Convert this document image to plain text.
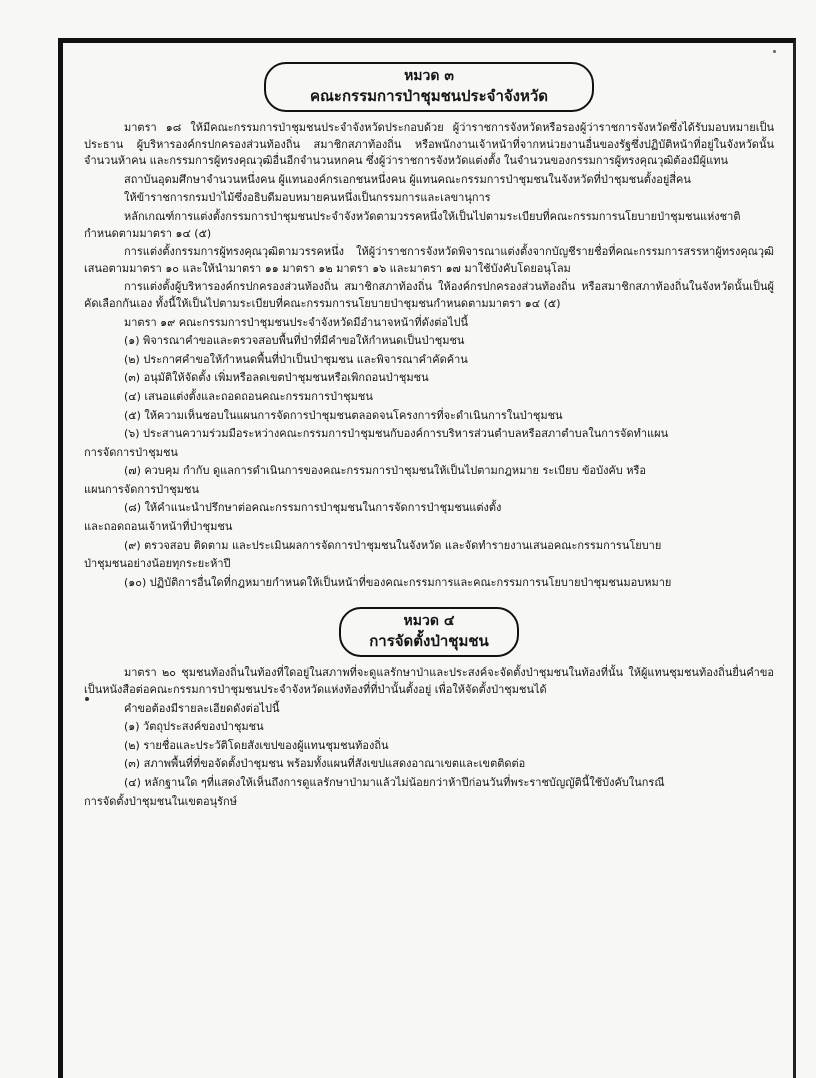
หมวด ๓
คณะกรรมการป่าชุมชนประจำจังหวัด

มาตรา ๑๘ ให้มีคณะกรรมการป่าชุมชนประจำจังหวัดประกอบด้วย ผู้ว่าราชการจังหวัดหรือรองผู้ว่าราชการจังหวัดซึ่งได้รับมอบหมายเป็นประธาน ผู้บริหารองค์กรปกครองส่วนท้องถิ่น สมาชิกสภาท้องถิ่น หรือพนักงานเจ้าหน้าที่จากหน่วยงานอื่นของรัฐซึ่งปฏิบัติหน้าที่อยู่ในจังหวัดนั้นจำนวนห้าคน และกรรมการผู้ทรงคุณวุฒิอื่นอีกจำนวนหกคน ซึ่งผู้ว่าราชการจังหวัดแต่งตั้ง ในจำนวนของกรรมการผู้ทรงคุณวุฒิต้องมีผู้แทน

สถาบันอุดมศึกษาจำนวนหนึ่งคน ผู้แทนองค์กรเอกชนหนึ่งคน ผู้แทนคณะกรรมการป่าชุมชนในจังหวัดที่ป่าชุมชนตั้งอยู่สี่คน

ให้ข้าราชการกรมป่าไม้ซึ่งอธิบดีมอบหมายคนหนึ่งเป็นกรรมการและเลขานุการ

หลักเกณฑ์การแต่งตั้งกรรมการป่าชุมชนประจำจังหวัดตามวรรคหนึ่งให้เป็นไปตามระเบียบที่คณะกรรมการนโยบายป่าชุมชนแห่งชาติกำหนดตามมาตรา ๑๔ (๕)

การแต่งตั้งกรรมการผู้ทรงคุณวุฒิตามวรรคหนึ่ง ให้ผู้ว่าราชการจังหวัดพิจารณาแต่งตั้งจากบัญชีรายชื่อที่คณะกรรมการสรรหาผู้ทรงคุณวุฒิเสนอตามมาตรา ๑๐ และให้นำมาตรา ๑๑ มาตรา ๑๒ มาตรา ๑๖ และมาตรา ๑๗ มาใช้บังคับโดยอนุโลม

การแต่งตั้งผู้บริหารองค์กรปกครองส่วนท้องถิ่น สมาชิกสภาท้องถิ่น ให้องค์กรปกครองส่วนท้องถิ่น หรือสมาชิกสภาท้องถิ่นในจังหวัดนั้นเป็นผู้คัดเลือกกันเอง ทั้งนี้ให้เป็นไปตามระเบียบที่คณะกรรมการนโยบายป่าชุมชนกำหนดตามมาตรา ๑๔ (๕)

มาตรา ๑๙ คณะกรรมการป่าชุมชนประจำจังหวัดมีอำนาจหน้าที่ดังต่อไปนี้

(๑) พิจารณาคำขอและตรวจสอบพื้นที่ป่าที่มีคำขอให้กำหนดเป็นป่าชุมชน

(๒) ประกาศคำขอให้กำหนดพื้นที่ป่าเป็นป่าชุมชน และพิจารณาคำคัดค้าน

(๓) อนุมัติให้จัดตั้ง เพิ่มหรือลดเขตป่าชุมชนหรือเพิกถอนป่าชุมชน

(๔) เสนอแต่งตั้งและถอดถอนคณะกรรมการป่าชุมชน

(๕) ให้ความเห็นชอบในแผนการจัดการป่าชุมชนตลอดจนโครงการที่จะดำเนินการในป่าชุมชน

(๖) ประสานความร่วมมือระหว่างคณะกรรมการป่าชุมชนกับองค์การบริหารส่วนตำบลหรือสภาตำบลในการจัดทำแผน

การจัดการป่าชุมชน

(๗) ควบคุม กำกับ ดูแลการดำเนินการของคณะกรรมการป่าชุมชนให้เป็นไปตามกฎหมาย ระเบียบ ข้อบังคับ หรือ

แผนการจัดการป่าชุมชน

(๘) ให้คำแนะนำปรึกษาต่อคณะกรรมการป่าชุมชนในการจัดการป่าชุมชนแต่งตั้ง

และถอดถอนเจ้าหน้าที่ป่าชุมชน

(๙) ตรวจสอบ ติดตาม และประเมินผลการจัดการป่าชุมชนในจังหวัด และจัดทำรายงานเสนอคณะกรรมการนโยบาย

ป่าชุมชนอย่างน้อยทุกระยะห้าปี

(๑๐) ปฏิบัติการอื่นใดที่กฎหมายกำหนดให้เป็นหน้าที่ของคณะกรรมการและคณะกรรมการนโยบายป่าชุมชนมอบหมาย

หมวด ๔
การจัดตั้งป่าชุมชน

มาตรา ๒๐ ชุมชนท้องถิ่นในท้องที่ใดอยู่ในสภาพที่จะดูแลรักษาป่าและประสงค์จะจัดตั้งป่าชุมชนในท้องที่นั้น ให้ผู้แทนชุมชนท้องถิ่นยื่นคำขอเป็นหนังสือต่อคณะกรรมการป่าชุมชนประจำจังหวัดแห่งท้องที่ที่ป่านั้นตั้งอยู่ เพื่อให้จัดตั้งป่าชุมชนได้

คำขอต้องมีรายละเอียดดังต่อไปนี้

(๑) วัตถุประสงค์ของป่าชุมชน

(๒) รายชื่อและประวัติโดยสังเขปของผู้แทนชุมชนท้องถิ่น

(๓) สภาพพื้นที่ที่ขอจัดตั้งป่าชุมชน พร้อมทั้งแผนที่สังเขปแสดงอาณาเขตและเขตติดต่อ

(๔) หลักฐานใด ๆที่แสดงให้เห็นถึงการดูแลรักษาป่ามาแล้วไม่น้อยกว่าห้าปีก่อนวันที่พระราชบัญญัตินี้ใช้บังคับในกรณี

การจัดตั้งป่าชุมชนในเขตอนุรักษ์
